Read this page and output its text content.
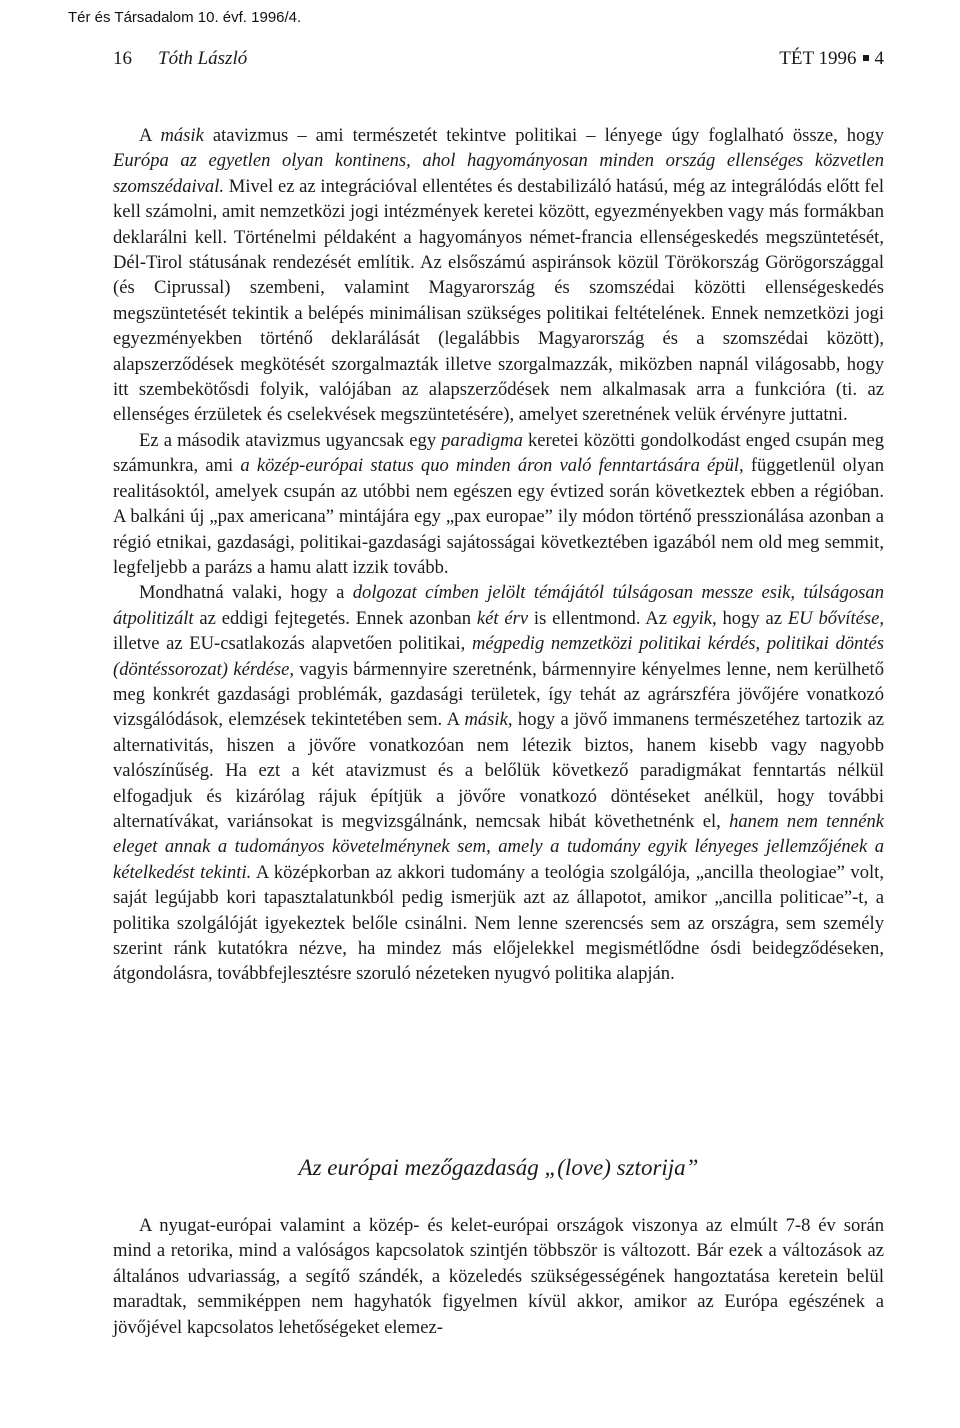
Tér és Társadalom 10. évf. 1996/4.
16 Tóth László	TÉT 1996 4

A másik atavizmus – ami természetét tekintve politikai – lényege úgy foglalható össze, hogy Európa az egyetlen olyan kontinens, ahol hagyományosan minden ország ellenséges közvetlen szomszédaival. Mivel ez az integrációval ellentétes és destabilizáló hatású, még az integrálódás előtt fel kell számolni, amit nemzetközi jogi intézmények keretei között, egyezményekben vagy más formákban deklarálni kell. Történelmi példaként a hagyományos német-francia ellenségeskedés megszüntetését, Dél-Tirol státusának rendezését említik. Az elsőszámú aspiránsok közül Törökország Görögországgal (és Ciprussal) szembeni, valamint Magyarország és szomszédai közötti ellenségeskedés megszüntetését tekintik a belépés minimálisan szükséges politikai feltételének. Ennek nemzetközi jogi egyezményekben történő deklarálását (legalábbis Magyarország és a szomszédai között), alapszerződések megkötését szorgalmazták illetve szorgalmazzák, miközben napnál világosabb, hogy itt szembekötősdi folyik, valójában az alapszerződések nem alkalmasak arra a funkcióra (ti. az ellenséges érzületek és cselekvések megszüntetésére), amelyet szeretnének velük érvényre juttatni.

Ez a második atavizmus ugyancsak egy paradigma keretei közötti gondolkodást enged csupán meg számunkra, ami a közép-európai status quo minden áron való fenntartására épül, függetlenül olyan realitásoktól, amelyek csupán az utóbbi nem egészen egy évtized során következtek ebben a régióban. A balkáni új „pax americana” mintájára egy „pax europae” ily módon történő presszionálása azonban a régió etnikai, gazdasági, politikai-gazdasági sajátosságai következtében igazából nem old meg semmit, legfeljebb a parázs a hamu alatt izzik tovább.

Mondhatná valaki, hogy a dolgozat címben jelölt témájától túlságosan messze esik, túlságosan átpolitizált az eddigi fejtegetés. Ennek azonban két érv is ellentmond. Az egyik, hogy az EU bővítése, illetve az EU-csatlakozás alapvetően politikai, mégpedig nemzetközi politikai kérdés, politikai döntés (döntéssorozat) kérdése, vagyis bármennyire szeretnénk, bármennyire kényelmes lenne, nem kerülhető meg konkrét gazdasági problémák, gazdasági területek, így tehát az agrárszféra jövőjére vonatkozó vizsgálódások, elemzések tekintetében sem. A másik, hogy a jövő immanens természetéhez tartozik az alternativitás, hiszen a jövőre vonatkozóan nem létezik biztos, hanem kisebb vagy nagyobb valószínűség. Ha ezt a két atavizmust és a belőlük következő paradigmákat fenntartás nélkül elfogadjuk és kizárólag rájuk építjük a jövőre vonatkozó döntéseket anélkül, hogy további alternatívákat, variánsokat is megvizsgálnánk, nemcsak hibát követhetnénk el, hanem nem tennénk eleget annak a tudományos követelménynek sem, amely a tudomány egyik lényeges jellemzőjének a kételkedést tekinti. A középkorban az akkori tudomány a teológia szolgálója, „ancilla theologiae” volt, saját legújabb kori tapasztalatunkból pedig ismerjük azt az állapotot, amikor „ancilla politicae”-t, a politika szolgálóját igyekeztek belőle csinálni. Nem lenne szerencsés sem az országra, sem személy szerint ránk kutatókra nézve, ha mindez más előjelekkel megismétlődne ósdi beidegződéseken, átgondolásra, továbbfejlesztésre szoruló nézeteken nyugvó politika alapján.

Az európai mezőgazdaság „(love) sztorija”

A nyugat-európai valamint a közép- és kelet-európai országok viszonya az elmúlt 7-8 év során mind a retorika, mind a valóságos kapcsolatok szintjén többször is változott. Bár ezek a változások az általános udvariasság, a segítő szándék, a közeledés szükségességének hangoztatása keretein belül maradtak, semmiképpen nem hagyhatók figyelmen kívül akkor, amikor az Európa egészének a jövőjével kapcsolatos lehetőségeket elemez-
